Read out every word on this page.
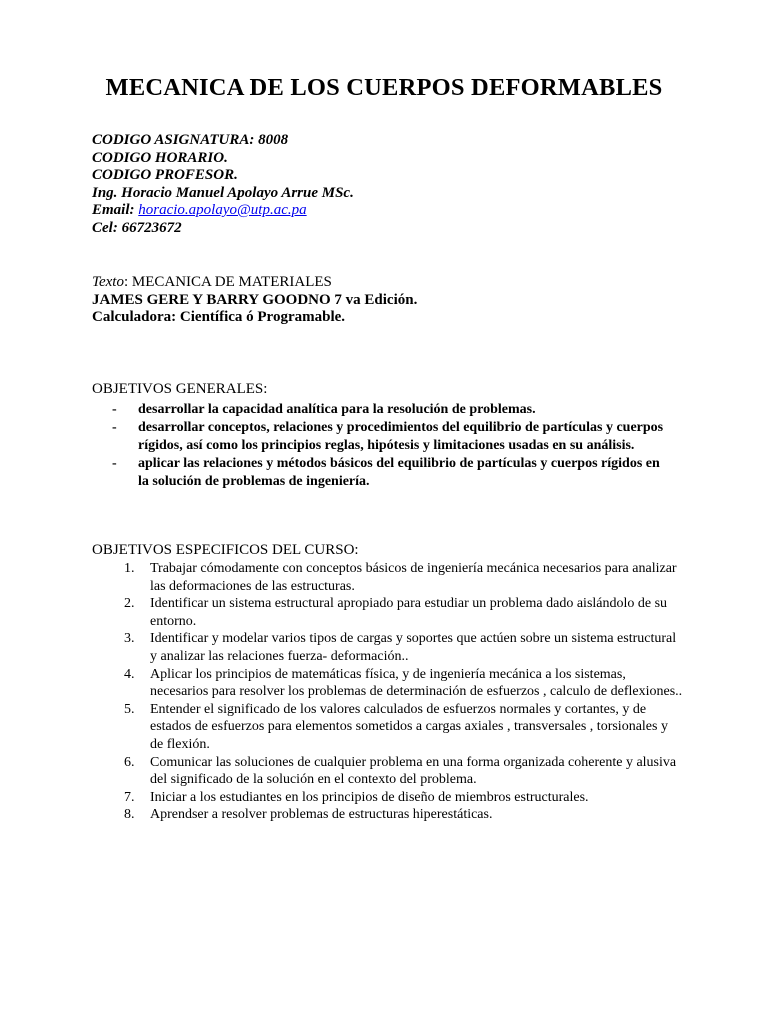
MECANICA DE LOS CUERPOS DEFORMABLES
CODIGO ASIGNATURA: 8008
CODIGO HORARIO.
CODIGO PROFESOR.
Ing. Horacio Manuel Apolayo Arrue MSc.
Email: horacio.apolayo@utp.ac.pa
Cel: 66723672
Texto: MECANICA DE MATERIALES
JAMES GERE Y BARRY GOODNO 7 va Edición.
Calculadora: Científica ó Programable.
OBJETIVOS GENERALES:
- desarrollar la capacidad analítica para la resolución de problemas.
- desarrollar conceptos, relaciones y procedimientos del equilibrio de partículas y cuerpos rígidos, así como los principios reglas, hipótesis y limitaciones usadas en su análisis.
- aplicar las relaciones y métodos básicos del equilibrio de partículas y cuerpos rígidos en la solución de problemas de ingeniería.
OBJETIVOS ESPECIFICOS DEL CURSO:
1. Trabajar cómodamente con conceptos básicos de ingeniería mecánica necesarios para analizar las deformaciones de las estructuras.
2. Identificar un sistema estructural apropiado para estudiar un problema dado aislándolo de su entorno.
3. Identificar y modelar varios tipos de cargas y soportes que actúen sobre un sistema estructural y analizar las relaciones fuerza- deformación..
4. Aplicar los principios de matemáticas física, y de ingeniería mecánica a los sistemas, necesarios para resolver los problemas de determinación de esfuerzos , calculo de deflexiones..
5. Entender el significado de los valores calculados de esfuerzos normales y cortantes, y de estados de esfuerzos para elementos sometidos a cargas axiales , transversales , torsionales y de flexión.
6. Comunicar las soluciones de cualquier problema en una forma organizada coherente y alusiva del significado de la solución en el contexto del problema.
7. Iniciar a los estudiantes en los principios de diseño de miembros estructurales.
8. Aprendser a resolver problemas de estructuras hiperestáticas.
